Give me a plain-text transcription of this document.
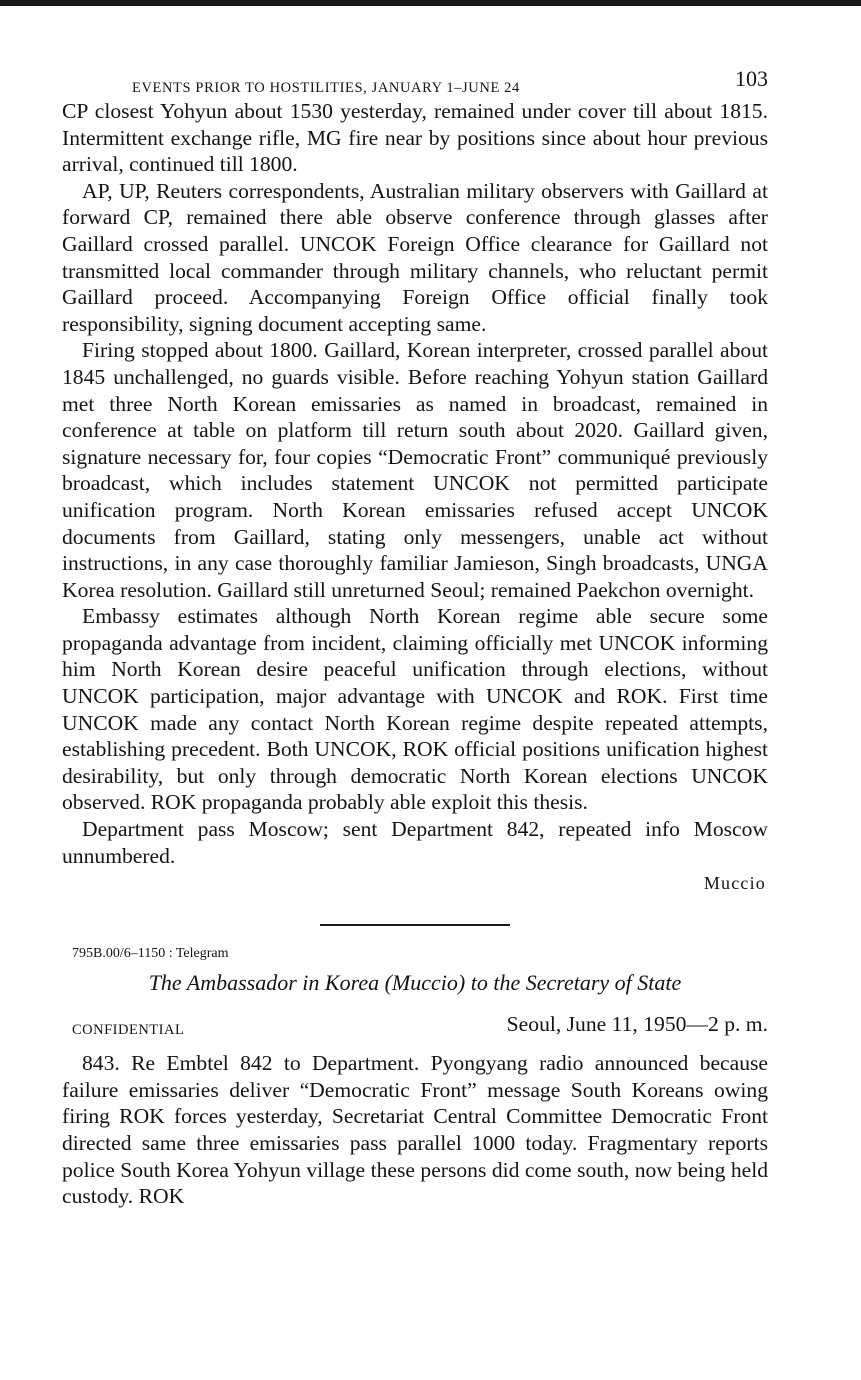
EVENTS PRIOR TO HOSTILITIES, JANUARY 1–JUNE 24	103

CP closest Yohyun about 1530 yesterday, remained under cover till about 1815. Intermittent exchange rifle, MG fire near by positions since about hour previous arrival, continued till 1800.

AP, UP, Reuters correspondents, Australian military observers with Gaillard at forward CP, remained there able observe conference through glasses after Gaillard crossed parallel. UNCOK Foreign Office clearance for Gaillard not transmitted local commander through military channels, who reluctant permit Gaillard proceed. Accompanying Foreign Office official finally took responsibility, signing document accepting same.

Firing stopped about 1800. Gaillard, Korean interpreter, crossed parallel about 1845 unchallenged, no guards visible. Before reaching Yohyun station Gaillard met three North Korean emissaries as named in broadcast, remained in conference at table on platform till return south about 2020. Gaillard given, signature necessary for, four copies “Democratic Front” communiqué previously broadcast, which includes statement UNCOK not permitted participate unification program. North Korean emissaries refused accept UNCOK documents from Gaillard, stating only messengers, unable act without instructions, in any case thoroughly familiar Jamieson, Singh broadcasts, UNGA Korea resolution. Gaillard still unreturned Seoul; remained Paekchon overnight.

Embassy estimates although North Korean regime able secure some propaganda advantage from incident, claiming officially met UNCOK informing him North Korean desire peaceful unification through elections, without UNCOK participation, major advantage with UNCOK and ROK. First time UNCOK made any contact North Korean regime despite repeated attempts, establishing precedent. Both UNCOK, ROK official positions unification highest desirability, but only through democratic North Korean elections UNCOK observed. ROK propaganda probably able exploit this thesis.

Department pass Moscow; sent Department 842, repeated info Moscow unnumbered.

Muccio
795B.00/6–1150 : Telegram
The Ambassador in Korea (Muccio) to the Secretary of State
CONFIDENTIAL	Seoul, June 11, 1950—2 p. m.

843. Re Embtel 842 to Department. Pyongyang radio announced because failure emissaries deliver “Democratic Front” message South Koreans owing firing ROK forces yesterday, Secretariat Central Committee Democratic Front directed same three emissaries pass parallel 1000 today. Fragmentary reports police South Korea Yohyun village these persons did come south, now being held custody. ROK
